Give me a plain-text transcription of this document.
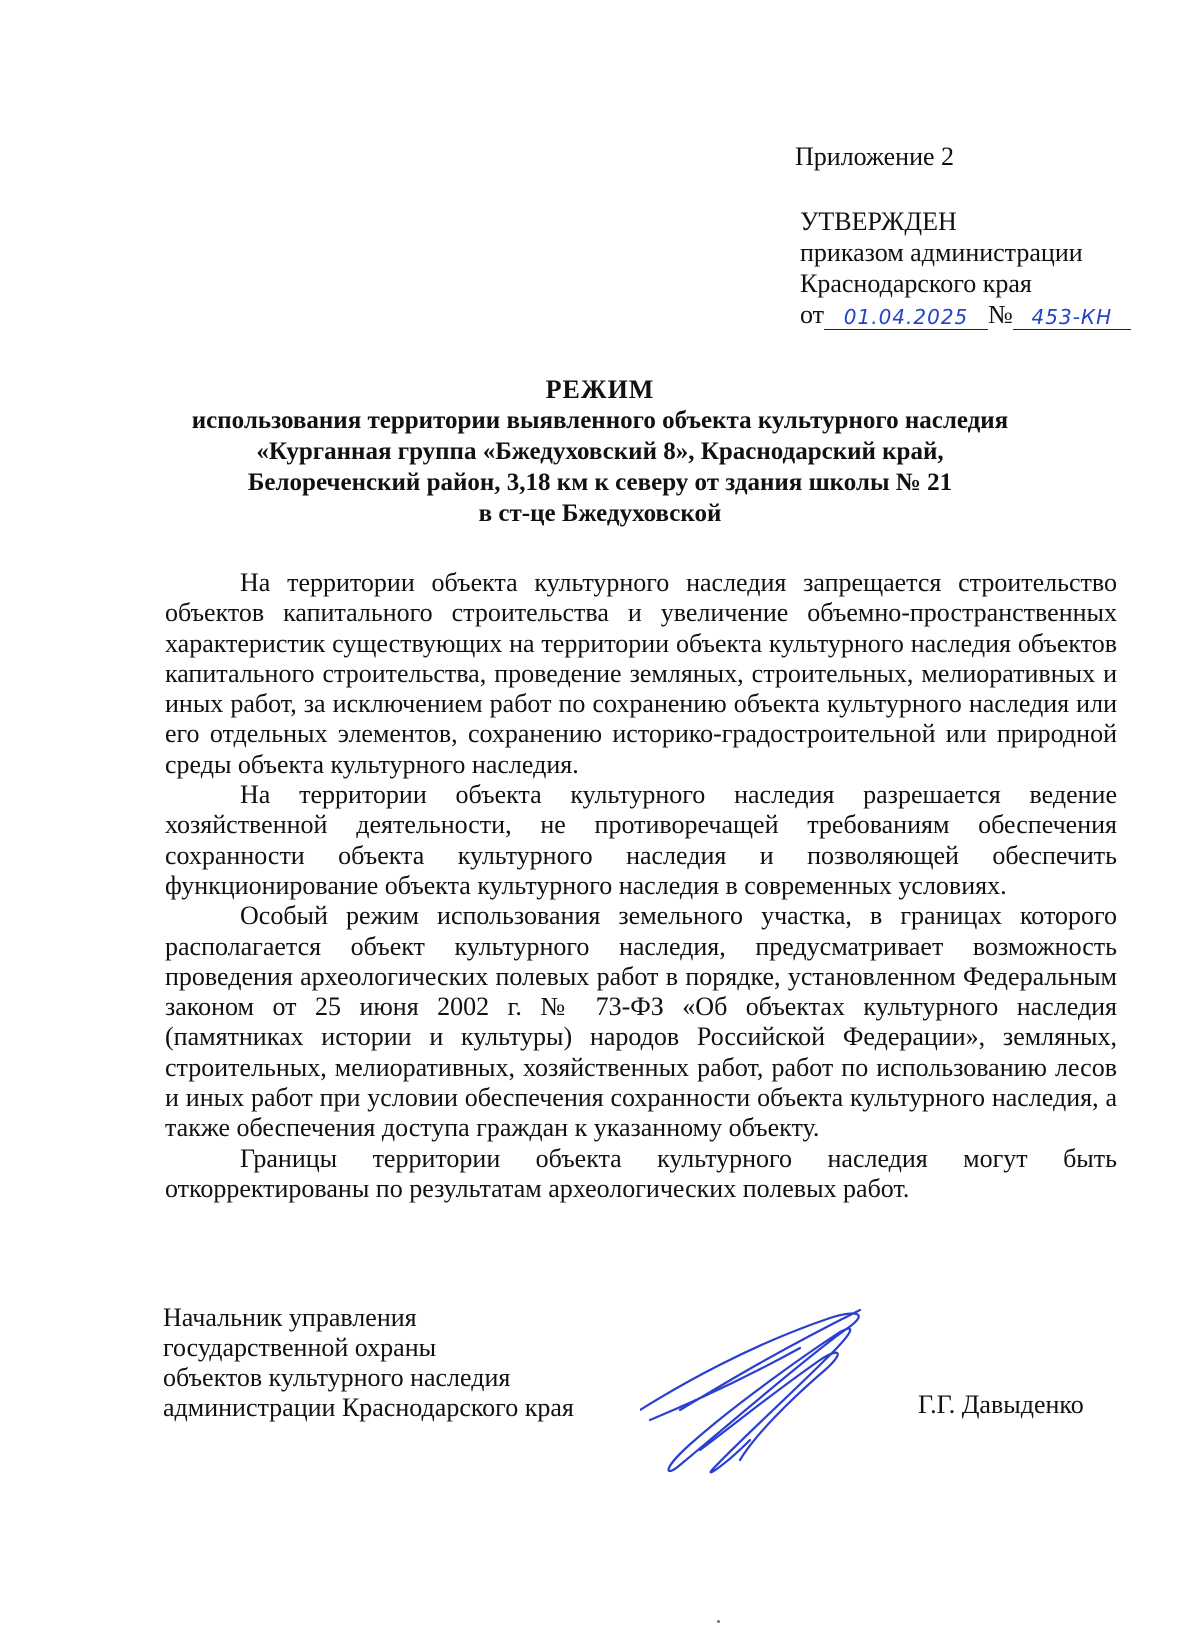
Приложение 2
УТВЕРЖДЕН
приказом администрации
Краснодарского края
от 01.04.2025 № 453-КН
РЕЖИМ
использования территории выявленного объекта культурного наследия
«Курганная группа «Бжедуховский 8», Краснодарский край,
Белореченский район, 3,18 км к северу от здания школы № 21
в ст-це Бжедуховской

На территории объекта культурного наследия запрещается строительство объектов капитального строительства и увеличение объемно-пространственных характеристик существующих на территории объекта культурного наследия объектов капитального строительства, проведение земляных, строительных, мелиоративных и иных работ, за исключением работ по сохранению объекта культурного наследия или его отдельных элементов, сохранению историко-градостроительной или природной среды объекта культурного наследия.

На территории объекта культурного наследия разрешается ведение хозяйственной деятельности, не противоречащей требованиям обеспечения сохранности объекта культурного наследия и позволяющей обеспечить функционирование объекта культурного наследия в современных условиях.

Особый режим использования земельного участка, в границах которого располагается объект культурного наследия, предусматривает возможность проведения археологических полевых работ в порядке, установленном Федеральным законом от 25 июня 2002 г. № 73-ФЗ «Об объектах культурного наследия (памятниках истории и культуры) народов Российской Федерации», земляных, строительных, мелиоративных, хозяйственных работ, работ по использованию лесов и иных работ при условии обеспечения сохранности объекта культурного наследия, а также обеспечения доступа граждан к указанному объекту.

Границы территории объекта культурного наследия могут быть откорректированы по результатам археологических полевых работ.

Начальник управления
государственной охраны
объектов культурного наследия
администрации Краснодарского края	Г.Г. Давыденко
